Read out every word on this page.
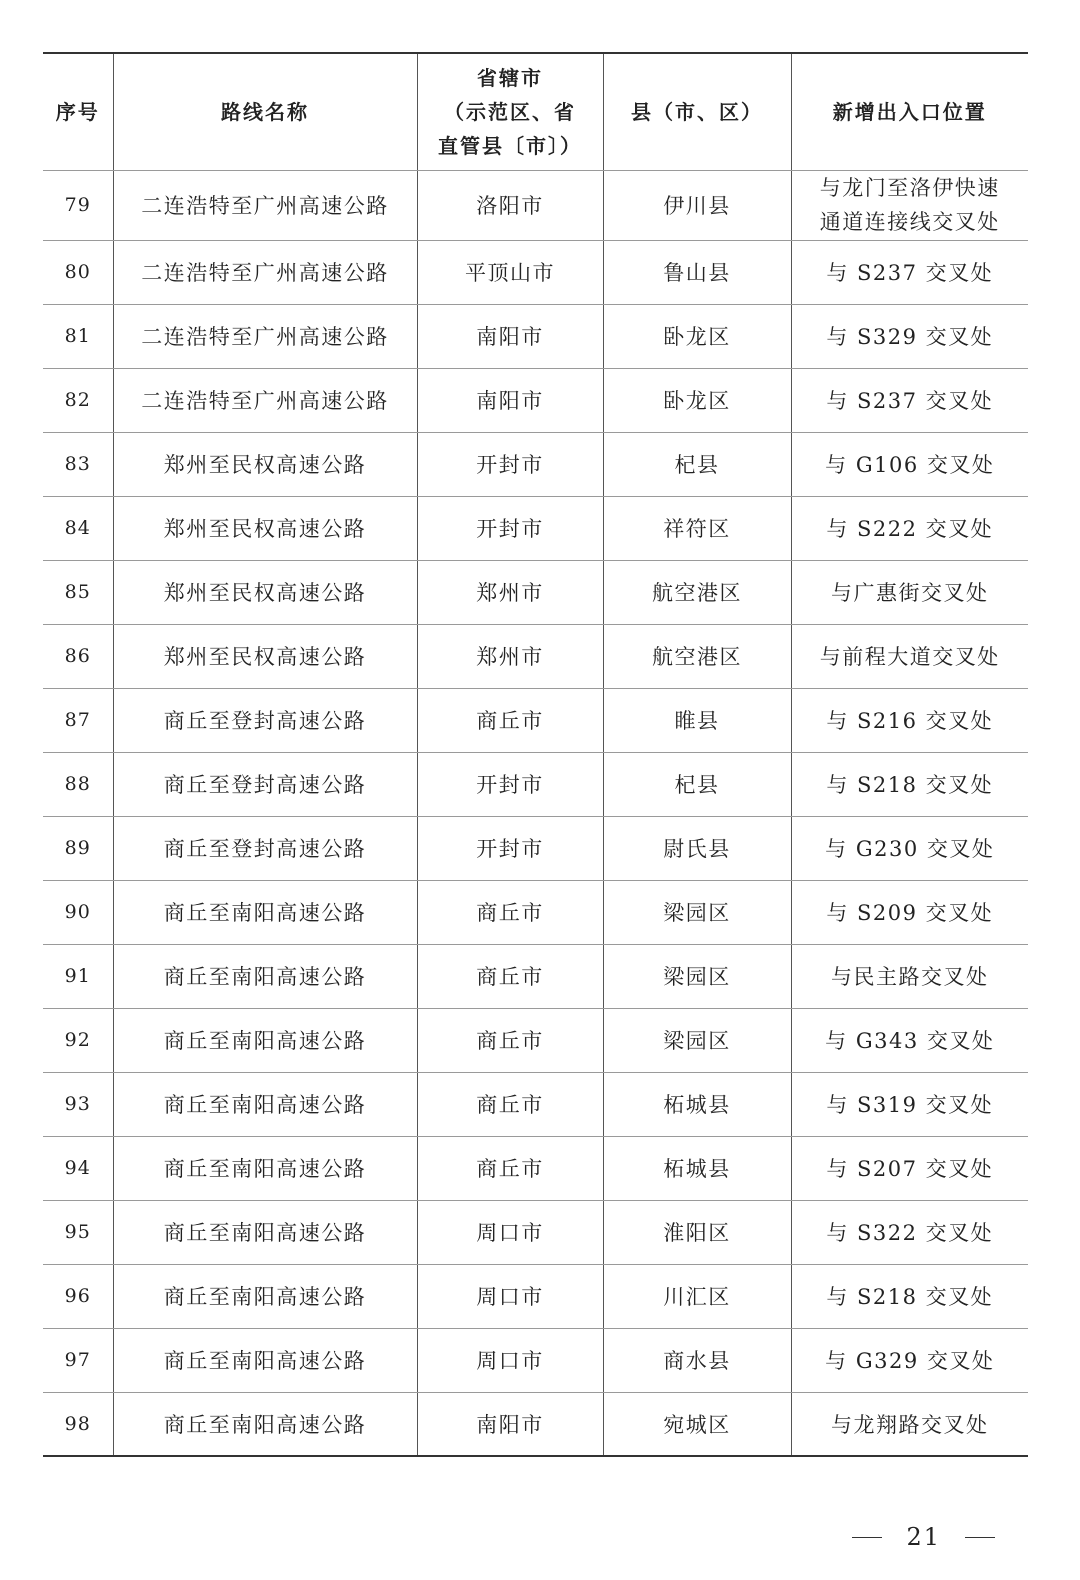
序号	路线名称	省辖市
（示范区、省
直管县〔市〕）	县（市、区）	新增出入口位置
79	二连浩特至广州高速公路	洛阳市	伊川县	与龙门至洛伊快速
通道连接线交叉处

80	二连浩特至广州高速公路	平顶山市	鲁山县	与 S237 交叉处
81	二连浩特至广州高速公路	南阳市	卧龙区	与 S329 交叉处
82	二连浩特至广州高速公路	南阳市	卧龙区	与 S237 交叉处
83	郑州至民权高速公路	开封市	杞县	与 G106 交叉处
84	郑州至民权高速公路	开封市	祥符区	与 S222 交叉处
85	郑州至民权高速公路	郑州市	航空港区	与广惠街交叉处
86	郑州至民权高速公路	郑州市	航空港区	与前程大道交叉处
87	商丘至登封高速公路	商丘市	睢县	与 S216 交叉处
88	商丘至登封高速公路	开封市	杞县	与 S218 交叉处
89	商丘至登封高速公路	开封市	尉氏县	与 G230 交叉处
90	商丘至南阳高速公路	商丘市	梁园区	与 S209 交叉处
91	商丘至南阳高速公路	商丘市	梁园区	与民主路交叉处
92	商丘至南阳高速公路	商丘市	梁园区	与 G343 交叉处
93	商丘至南阳高速公路	商丘市	柘城县	与 S319 交叉处
94	商丘至南阳高速公路	商丘市	柘城县	与 S207 交叉处
95	商丘至南阳高速公路	周口市	淮阳区	与 S322 交叉处
96	商丘至南阳高速公路	周口市	川汇区	与 S218 交叉处
97	商丘至南阳高速公路	周口市	商水县	与 G329 交叉处
98	商丘至南阳高速公路	南阳市	宛城区	与龙翔路交叉处
21
